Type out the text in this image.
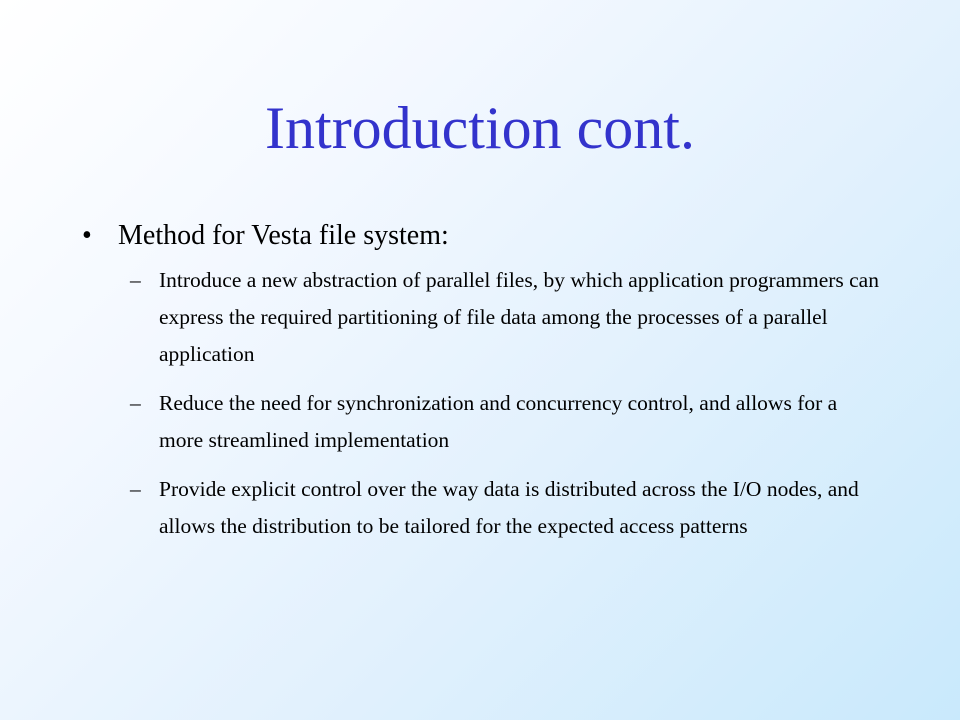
Introduction cont.
• Method for Vesta file system:
– Introduce a new abstraction of parallel files, by which application programmers can express the required partitioning of file data among the processes of a parallel application
– Reduce the need for synchronization and concurrency control, and allows for a more streamlined implementation
– Provide explicit control over the way data is distributed across the I/O nodes, and allows the distribution to be tailored for the expected access patterns
